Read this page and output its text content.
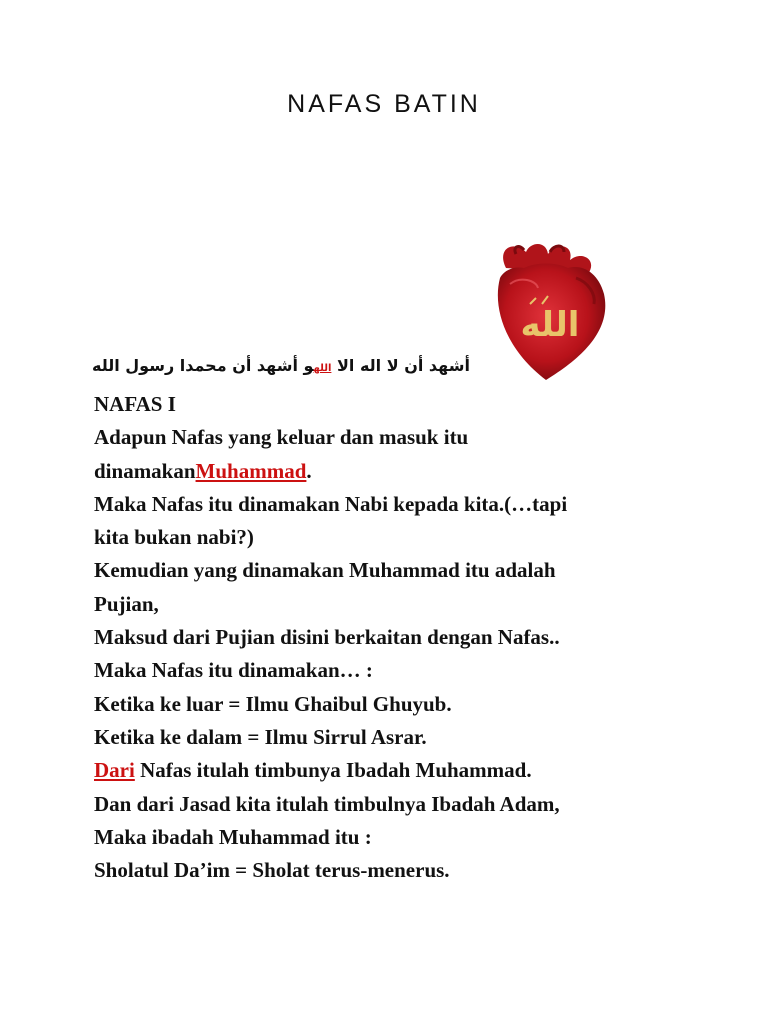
NAFAS BATIN
الله
أشهد أن لا اله الا اللهو أشهد أن محمدا رسول الله
NAFAS I
Adapun Nafas yang keluar dan masuk itu
dinamakanMuhammad.
Maka Nafas itu dinamakan Nabi kepada kita.(…tapi
kita bukan nabi?)
Kemudian yang dinamakan Muhammad itu adalah
Pujian,
Maksud dari Pujian disini berkaitan dengan Nafas..
Maka Nafas itu dinamakan… :
Ketika ke luar = Ilmu Ghaibul Ghuyub.
Ketika ke dalam = Ilmu Sirrul Asrar.
Dari Nafas itulah timbunya Ibadah Muhammad.
Dan dari Jasad kita itulah timbulnya Ibadah Adam,
Maka ibadah Muhammad itu :
Sholatul Da’im = Sholat terus-menerus.
